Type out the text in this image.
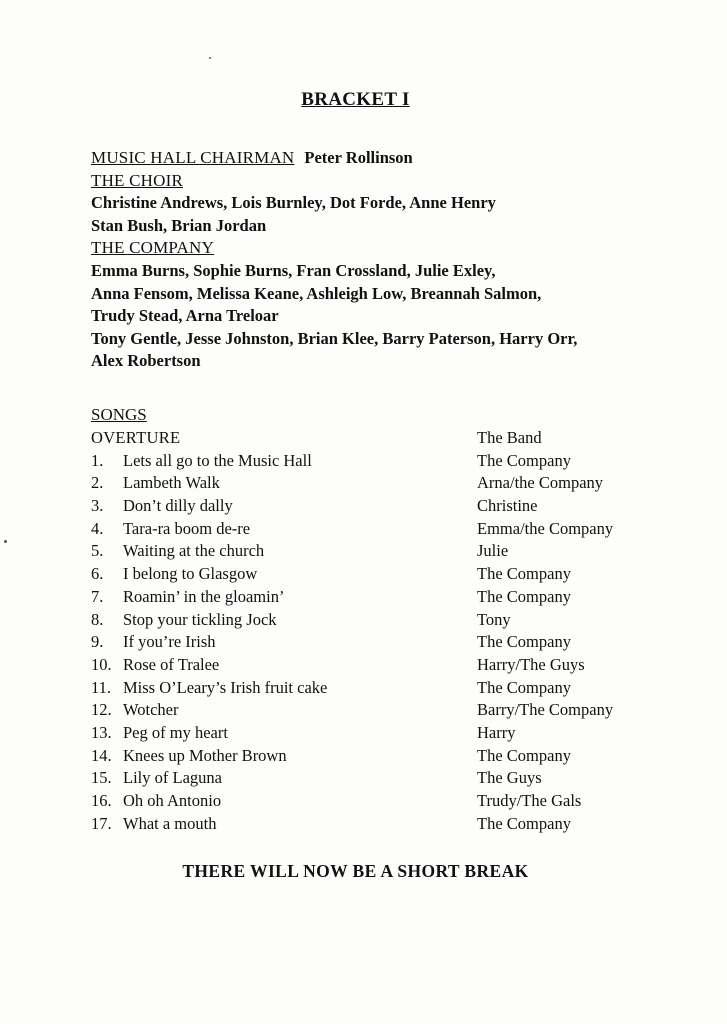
BRACKET I
MUSIC HALL CHAIRMAN Peter Rollinson
THE CHOIR
Christine Andrews, Lois Burnley, Dot Forde, Anne Henry
Stan Bush, Brian Jordan
THE COMPANY
Emma Burns, Sophie Burns, Fran Crossland, Julie Exley,
Anna Fensom, Melissa Keane, Ashleigh Low, Breannah Salmon,
Trudy Stead, Arna Treloar
Tony Gentle, Jesse Johnston, Brian Klee, Barry Paterson, Harry Orr,
Alex Robertson
SONGS
OVERTURE	The Band
1.	Lets all go to the Music Hall	The Company
2.	Lambeth Walk	Arna/the Company
3.	Don’t dilly dally	Christine
4.	Tara-ra boom de-re	Emma/the Company
5.	Waiting at the church	Julie
6.	I belong to Glasgow	The Company
7.	Roamin’ in the gloamin’	The Company
8.	Stop your tickling Jock	Tony
9.	If you’re Irish	The Company
10. Rose of Tralee	Harry/The Guys
11. Miss O’Leary’s Irish fruit cake	The Company
12. Wotcher	Barry/The Company
13. Peg of my heart	Harry
14. Knees up Mother Brown	The Company
15. Lily of Laguna	The Guys
16. Oh oh Antonio	Trudy/The Gals
17. What a mouth	The Company
THERE WILL NOW BE A SHORT BREAK
